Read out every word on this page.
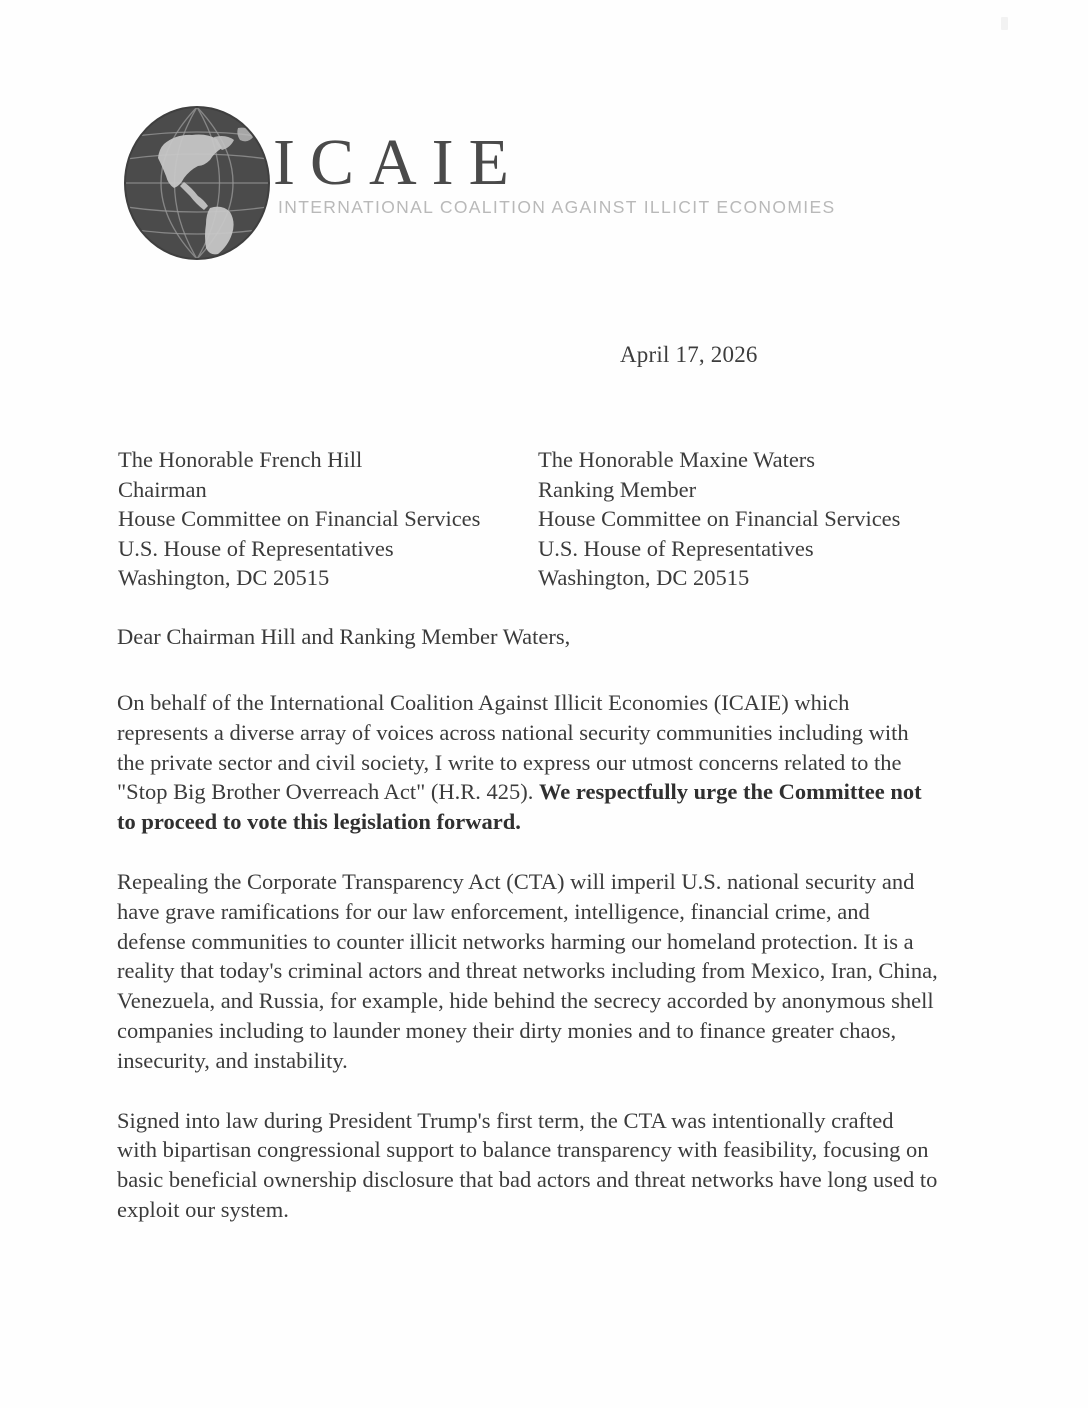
ICAIE
INTERNATIONAL COALITION AGAINST ILLICIT ECONOMIES
April 17, 2026
The Honorable French Hill
Chairman
House Committee on Financial Services
U.S. House of Representatives
Washington, DC 20515
The Honorable Maxine Waters
Ranking Member
House Committee on Financial Services
U.S. House of Representatives
Washington, DC 20515
Dear Chairman Hill and Ranking Member Waters,

On behalf of the International Coalition Against Illicit Economies (ICAIE) which represents a diverse array of voices across national security communities including with the private sector and civil society, I write to express our utmost concerns related to the "Stop Big Brother Overreach Act" (H.R. 425). We respectfully urge the Committee not to proceed to vote this legislation forward.

Repealing the Corporate Transparency Act (CTA) will imperil U.S. national security and have grave ramifications for our law enforcement, intelligence, financial crime, and defense communities to counter illicit networks harming our homeland protection. It is a reality that today's criminal actors and threat networks including from Mexico, Iran, China, Venezuela, and Russia, for example, hide behind the secrecy accorded by anonymous shell companies including to launder money their dirty monies and to finance greater chaos, insecurity, and instability.

Signed into law during President Trump's first term, the CTA was intentionally crafted with bipartisan congressional support to balance transparency with feasibility, focusing on basic beneficial ownership disclosure that bad actors and threat networks have long used to exploit our system.
